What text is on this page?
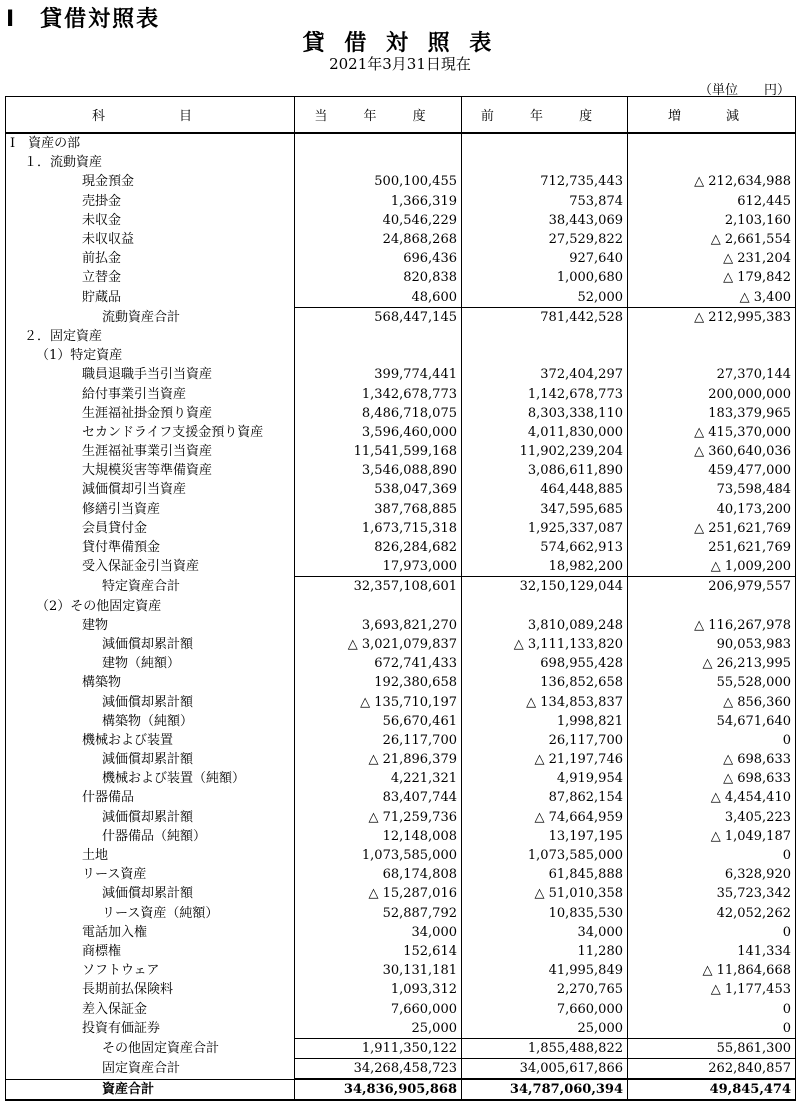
Ⅰ　貸借対照表
貸 借 対 照 表
2021年3月31日現在
（単位　　円）
科　　目	当 年 度	前 年 度	増　減
Ⅰ　資産の部			
１．流動資産			
現金預金	500,100,455	712,735,443	△ 212,634,988
売掛金	1,366,319	753,874	612,445
未収金	40,546,229	38,443,069	2,103,160
未収収益	24,868,268	27,529,822	△ 2,661,554
前払金	696,436	927,640	△ 231,204
立替金	820,838	1,000,680	△ 179,842
貯蔵品	48,600	52,000	△ 3,400
流動資産合計	568,447,145	781,442,528	△ 212,995,383
２．固定資産			
（1）特定資産			
職員退職手当引当資産	399,774,441	372,404,297	27,370,144
給付事業引当資産	1,342,678,773	1,142,678,773	200,000,000
生涯福祉掛金預り資産	8,486,718,075	8,303,338,110	183,379,965
セカンドライフ支援金預り資産	3,596,460,000	4,011,830,000	△ 415,370,000
生涯福祉事業引当資産	11,541,599,168	11,902,239,204	△ 360,640,036
大規模災害等準備資産	3,546,088,890	3,086,611,890	459,477,000
減価償却引当資産	538,047,369	464,448,885	73,598,484
修繕引当資産	387,768,885	347,595,685	40,173,200
会員貸付金	1,673,715,318	1,925,337,087	△ 251,621,769
貸付準備預金	826,284,682	574,662,913	251,621,769
受入保証金引当資産	17,973,000	18,982,200	△ 1,009,200
特定資産合計	32,357,108,601	32,150,129,044	206,979,557
（2）その他固定資産			
建物	3,693,821,270	3,810,089,248	△ 116,267,978
減価償却累計額	△ 3,021,079,837	△ 3,111,133,820	90,053,983
建物（純額）	672,741,433	698,955,428	△ 26,213,995
構築物	192,380,658	136,852,658	55,528,000
減価償却累計額	△ 135,710,197	△ 134,853,837	△ 856,360
構築物（純額）	56,670,461	1,998,821	54,671,640
機械および装置	26,117,700	26,117,700	0
減価償却累計額	△ 21,896,379	△ 21,197,746	△ 698,633
機械および装置（純額）	4,221,321	4,919,954	△ 698,633
什器備品	83,407,744	87,862,154	△ 4,454,410
減価償却累計額	△ 71,259,736	△ 74,664,959	3,405,223
什器備品（純額）	12,148,008	13,197,195	△ 1,049,187
土地	1,073,585,000	1,073,585,000	0
リース資産	68,174,808	61,845,888	6,328,920
減価償却累計額	△ 15,287,016	△ 51,010,358	35,723,342
リース資産（純額）	52,887,792	10,835,530	42,052,262
電話加入権	34,000	34,000	0
商標権	152,614	11,280	141,334
ソフトウェア	30,131,181	41,995,849	△ 11,864,668
長期前払保険料	1,093,312	2,270,765	△ 1,177,453
差入保証金	7,660,000	7,660,000	0
投資有価証券	25,000	25,000	0
その他固定資産合計	1,911,350,122	1,855,488,822	55,861,300
固定資産合計	34,268,458,723	34,005,617,866	262,840,857
資産合計	34,836,905,868	34,787,060,394	49,845,474
